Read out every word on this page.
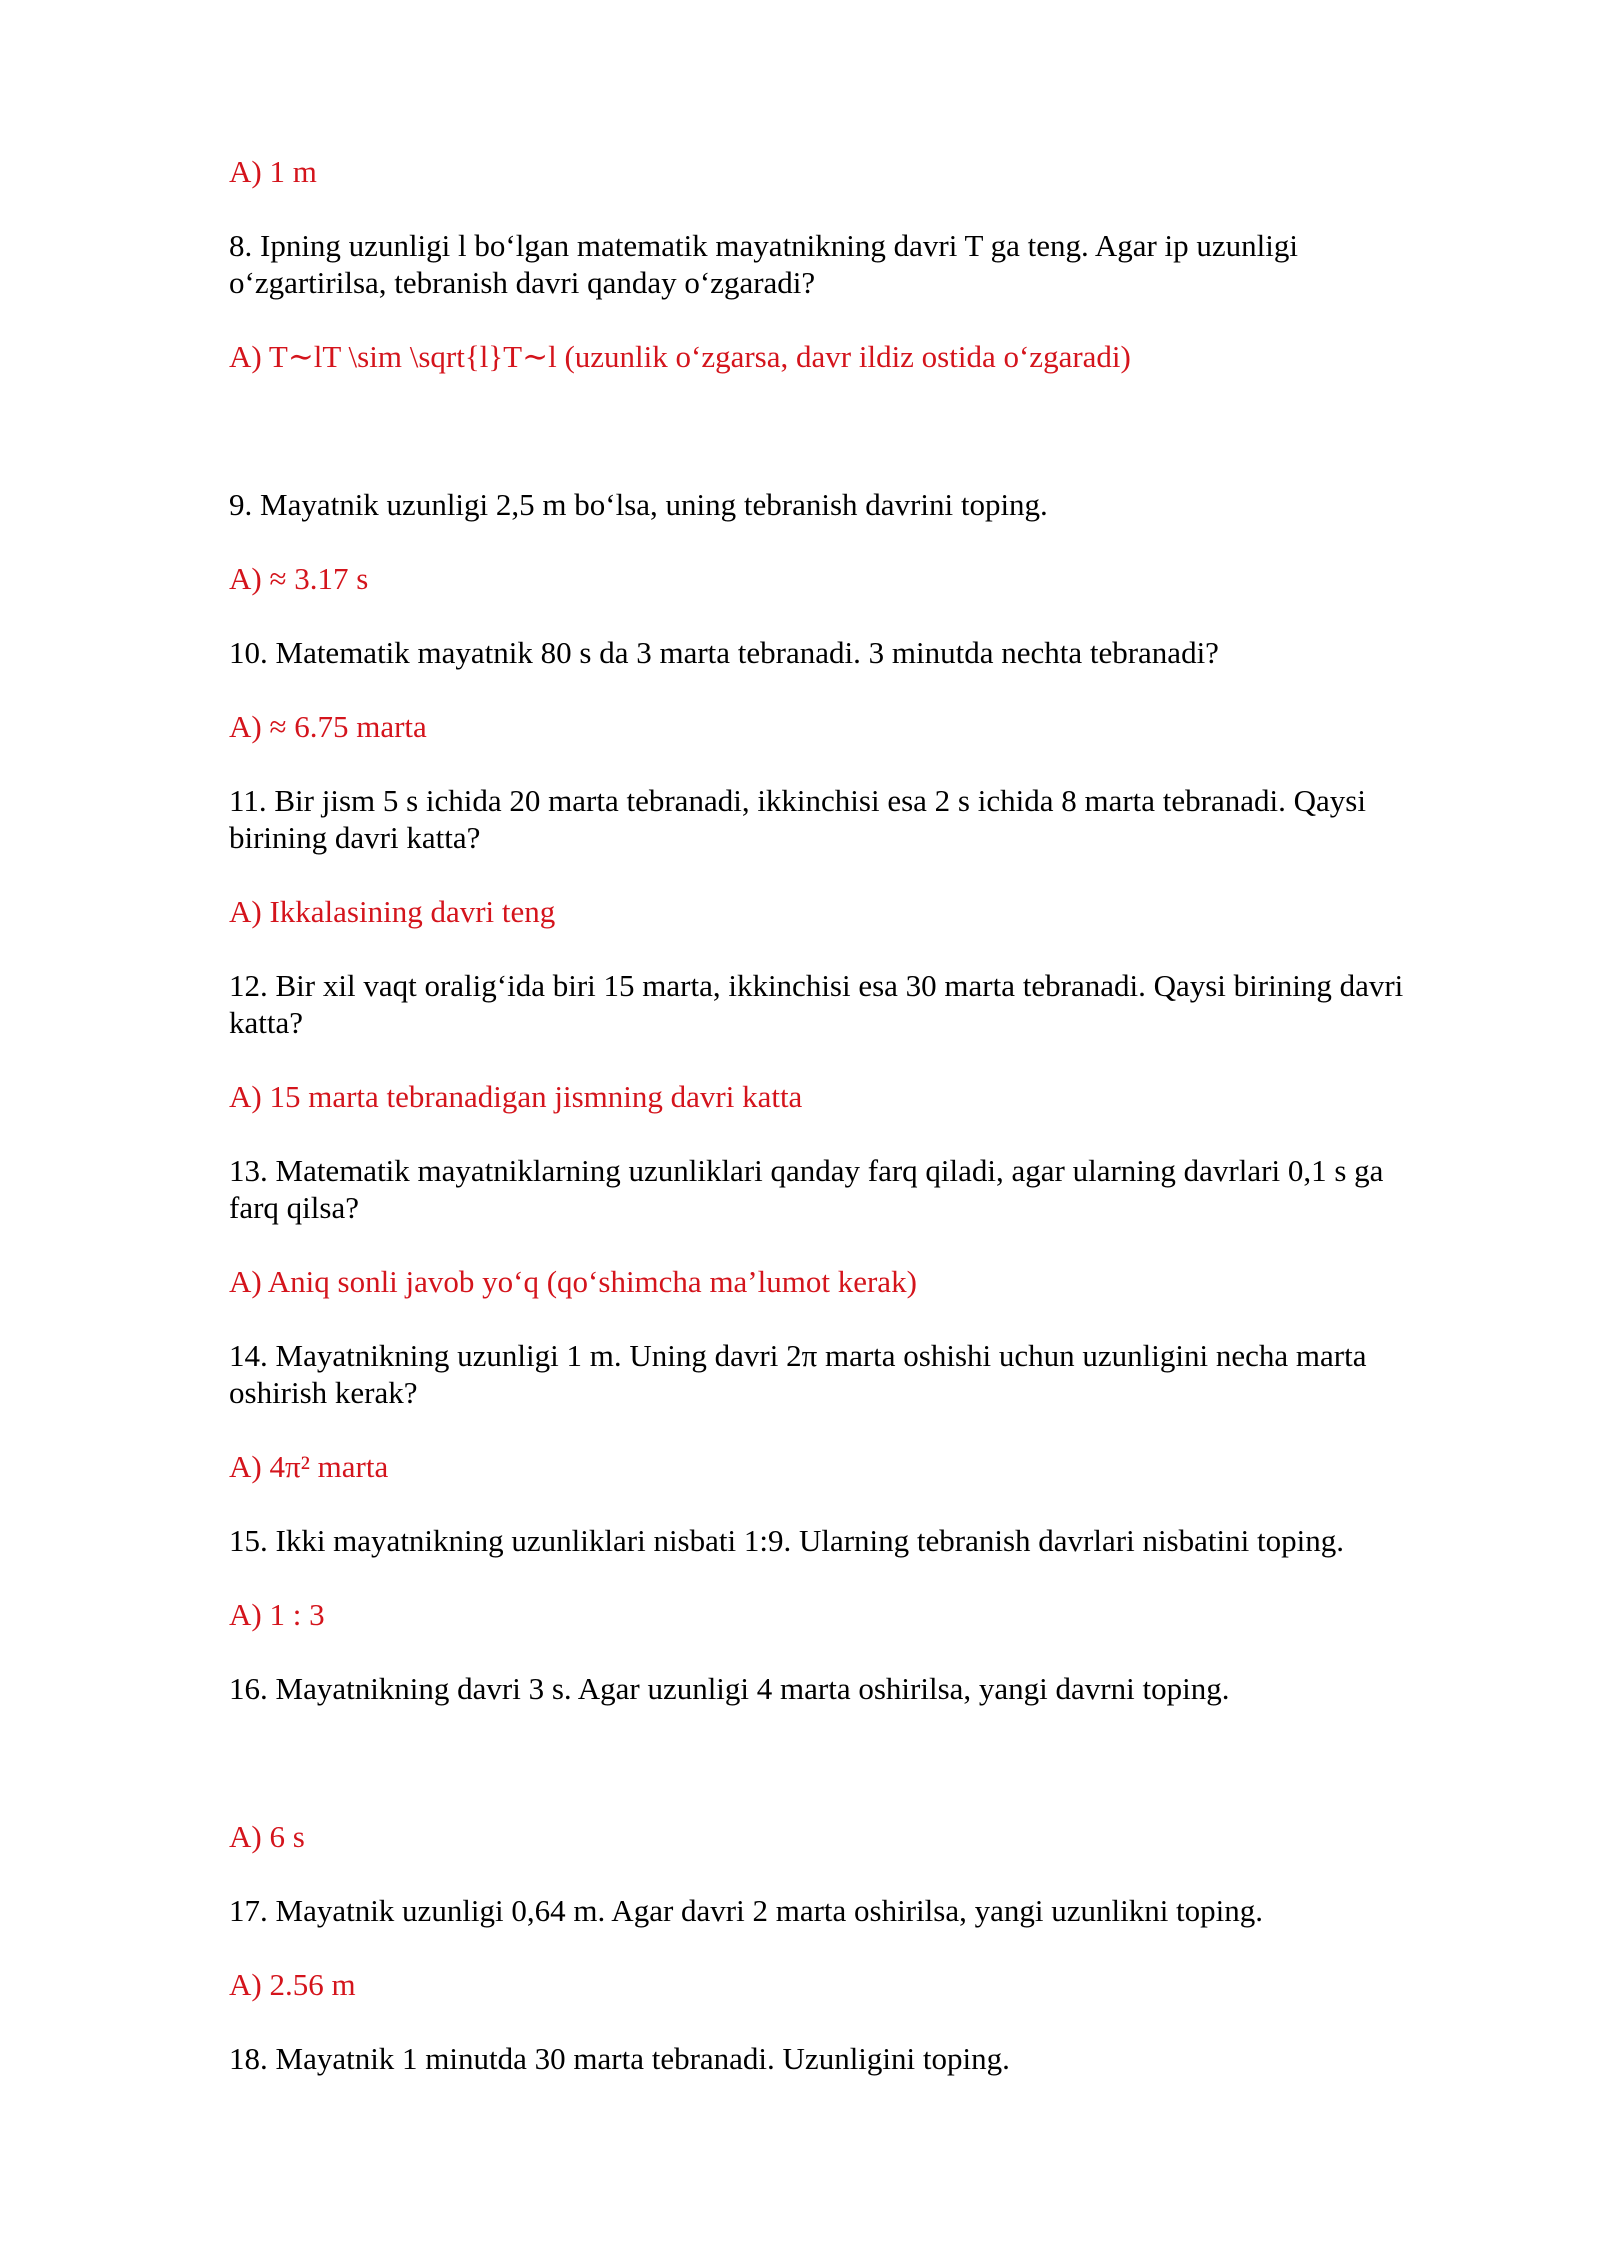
A) 1 m
8. Ipning uzunligi l bo‘lgan matematik mayatnikning davri T ga teng. Agar ip uzunligi
o‘zgartirilsa, tebranish davri qanday o‘zgaradi?
A) T∼lT \sim \sqrt{l}T∼l (uzunlik o‘zgarsa, davr ildiz ostida o‘zgaradi)
9. Mayatnik uzunligi 2,5 m bo‘lsa, uning tebranish davrini toping.
A) ≈ 3.17 s
10. Matematik mayatnik 80 s da 3 marta tebranadi. 3 minutda nechta tebranadi?
A) ≈ 6.75 marta
11. Bir jism 5 s ichida 20 marta tebranadi, ikkinchisi esa 2 s ichida 8 marta tebranadi. Qaysi
birining davri katta?
A) Ikkalasining davri teng
12. Bir xil vaqt oralig‘ida biri 15 marta, ikkinchisi esa 30 marta tebranadi. Qaysi birining davri
katta?
A) 15 marta tebranadigan jismning davri katta
13. Matematik mayatniklarning uzunliklari qanday farq qiladi, agar ularning davrlari 0,1 s ga
farq qilsa?
A) Aniq sonli javob yo‘q (qo‘shimcha ma’lumot kerak)
14. Mayatnikning uzunligi 1 m. Uning davri 2π marta oshishi uchun uzunligini necha marta
oshirish kerak?
A) 4π² marta
15. Ikki mayatnikning uzunliklari nisbati 1:9. Ularning tebranish davrlari nisbatini toping.
A) 1 : 3
16. Mayatnikning davri 3 s. Agar uzunligi 4 marta oshirilsa, yangi davrni toping.
A) 6 s
17. Mayatnik uzunligi 0,64 m. Agar davri 2 marta oshirilsa, yangi uzunlikni toping.
A) 2.56 m
18. Mayatnik 1 minutda 30 marta tebranadi. Uzunligini toping.
